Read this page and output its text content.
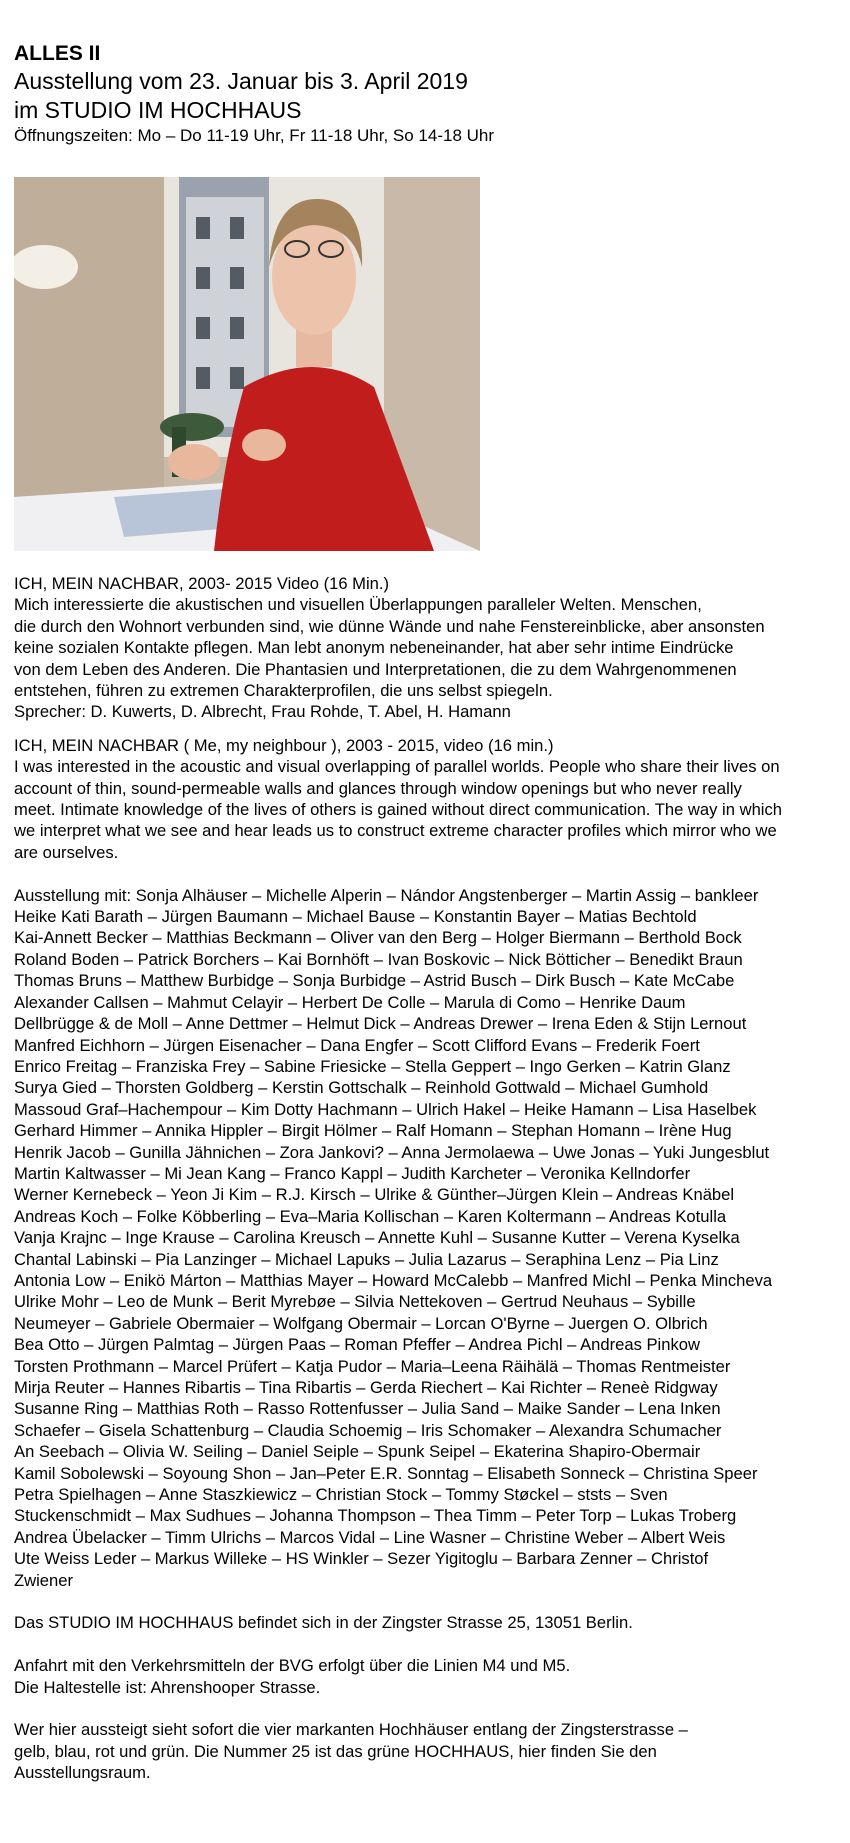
ALLES II
Ausstellung vom 23. Januar bis 3. April 2019
im STUDIO IM HOCHHAUS
Öffnungszeiten: Mo – Do 11-19 Uhr, Fr 11-18 Uhr, So 14-18 Uhr
ICH, MEIN NACHBAR, 2003- 2015 Video (16 Min.)
Mich interessierte die akustischen und visuellen Überlappungen paralleler Welten. Menschen,
die durch den Wohnort verbunden sind, wie dünne Wände und nahe Fenstereinblicke, aber ansonsten
keine sozialen Kontakte pflegen. Man lebt anonym nebeneinander, hat aber sehr intime Eindrücke
von dem Leben des Anderen. Die Phantasien und Interpretationen, die zu dem Wahrgenommenen
entstehen, führen zu extremen Charakterprofilen, die uns selbst spiegeln.
Sprecher: D. Kuwerts, D. Albrecht, Frau Rohde, T. Abel, H. Hamann
ICH, MEIN NACHBAR ( Me, my neighbour ), 2003 - 2015, video (16 min.)
I was interested in the acoustic and visual overlapping of parallel worlds. People who share their lives on
account of thin, sound-permeable walls and glances through window openings but who never really
meet. Intimate knowledge of the lives of others is gained without direct communication. The way in which
we interpret what we see and hear leads us to construct extreme character profiles which mirror who we
are ourselves.
Ausstellung mit: Sonja Alhäuser – Michelle Alperin – Nándor Angstenberger – Martin Assig – bankleer
Heike Kati Barath – Jürgen Baumann – Michael Bause – Konstantin Bayer – Matias Bechtold
Kai-Annett Becker – Matthias Beckmann – Oliver van den Berg – Holger Biermann – Berthold Bock
Roland Boden – Patrick Borchers – Kai Bornhöft – Ivan Boskovic – Nick Bötticher – Benedikt Braun
Thomas Bruns – Matthew Burbidge – Sonja Burbidge – Astrid Busch – Dirk Busch – Kate McCabe
Alexander Callsen – Mahmut Celayir – Herbert De Colle – Marula di Como – Henrike Daum
Dellbrügge & de Moll – Anne Dettmer – Helmut Dick – Andreas Drewer – Irena Eden & Stijn Lernout
Manfred Eichhorn – Jürgen Eisenacher – Dana Engfer – Scott Clifford Evans – Frederik Foert
Enrico Freitag – Franziska Frey – Sabine Friesicke – Stella Geppert – Ingo Gerken – Katrin Glanz
Surya Gied – Thorsten Goldberg – Kerstin Gottschalk – Reinhold Gottwald – Michael Gumhold
Massoud Graf–Hachempour – Kim Dotty Hachmann – Ulrich Hakel – Heike Hamann – Lisa Haselbek
Gerhard Himmer – Annika Hippler – Birgit Hölmer – Ralf Homann – Stephan Homann – Irène Hug
Henrik Jacob – Gunilla Jähnichen – Zora Jankovi? – Anna Jermolaewa – Uwe Jonas – Yuki Jungesblut
Martin Kaltwasser – Mi Jean Kang – Franco Kappl – Judith Karcheter – Veronika Kellndorfer
Werner Kernebeck – Yeon Ji Kim – R.J. Kirsch – Ulrike & Günther–Jürgen Klein – Andreas Knäbel
Andreas Koch – Folke Köbberling – Eva–Maria Kollischan – Karen Koltermann – Andreas Kotulla
Vanja Krajnc – Inge Krause – Carolina Kreusch – Annette Kuhl – Susanne Kutter – Verena Kyselka
Chantal Labinski – Pia Lanzinger – Michael Lapuks – Julia Lazarus – Seraphina Lenz – Pia Linz
Antonia Low – Enikö Márton – Matthias Mayer – Howard McCalebb – Manfred Michl – Penka Mincheva
Ulrike Mohr – Leo de Munk – Berit Myrebøe – Silvia Nettekoven – Gertrud Neuhaus – Sybille
Neumeyer – Gabriele Obermaier – Wolfgang Obermair – Lorcan O'Byrne – Juergen O. Olbrich
Bea Otto – Jürgen Palmtag – Jürgen Paas – Roman Pfeffer – Andrea Pichl – Andreas Pinkow
Torsten Prothmann – Marcel Prüfert – Katja Pudor – Maria–Leena Räihälä – Thomas Rentmeister
Mirja Reuter – Hannes Ribartis – Tina Ribartis – Gerda Riechert – Kai Richter – Reneè Ridgway
Susanne Ring – Matthias Roth – Rasso Rottenfusser – Julia Sand – Maike Sander – Lena Inken
Schaefer – Gisela Schattenburg – Claudia Schoemig – Iris Schomaker – Alexandra Schumacher
An Seebach – Olivia W. Seiling – Daniel Seiple – Spunk Seipel – Ekaterina Shapiro-Obermair
Kamil Sobolewski – Soyoung Shon – Jan–Peter E.R. Sonntag – Elisabeth Sonneck – Christina Speer
Petra Spielhagen – Anne Staszkiewicz – Christian Stock – Tommy Støckel – ststs – Sven
Stuckenschmidt – Max Sudhues – Johanna Thompson – Thea Timm – Peter Torp – Lukas Troberg
Andrea Übelacker – Timm Ulrichs – Marcos Vidal – Line Wasner – Christine Weber – Albert Weis
Ute Weiss Leder – Markus Willeke – HS Winkler – Sezer Yigitoglu – Barbara Zenner – Christof
Zwiener
Das STUDIO IM HOCHHAUS befindet sich in der Zingster Strasse 25, 13051 Berlin.
Anfahrt mit den Verkehrsmitteln der BVG erfolgt über die Linien M4 und M5.
Die Haltestelle ist: Ahrenshooper Strasse.
Wer hier aussteigt sieht sofort die vier markanten Hochhäuser entlang der Zingsterstrasse –
gelb, blau, rot und grün. Die Nummer 25 ist das grüne HOCHHAUS, hier finden Sie den
Ausstellungsraum.
